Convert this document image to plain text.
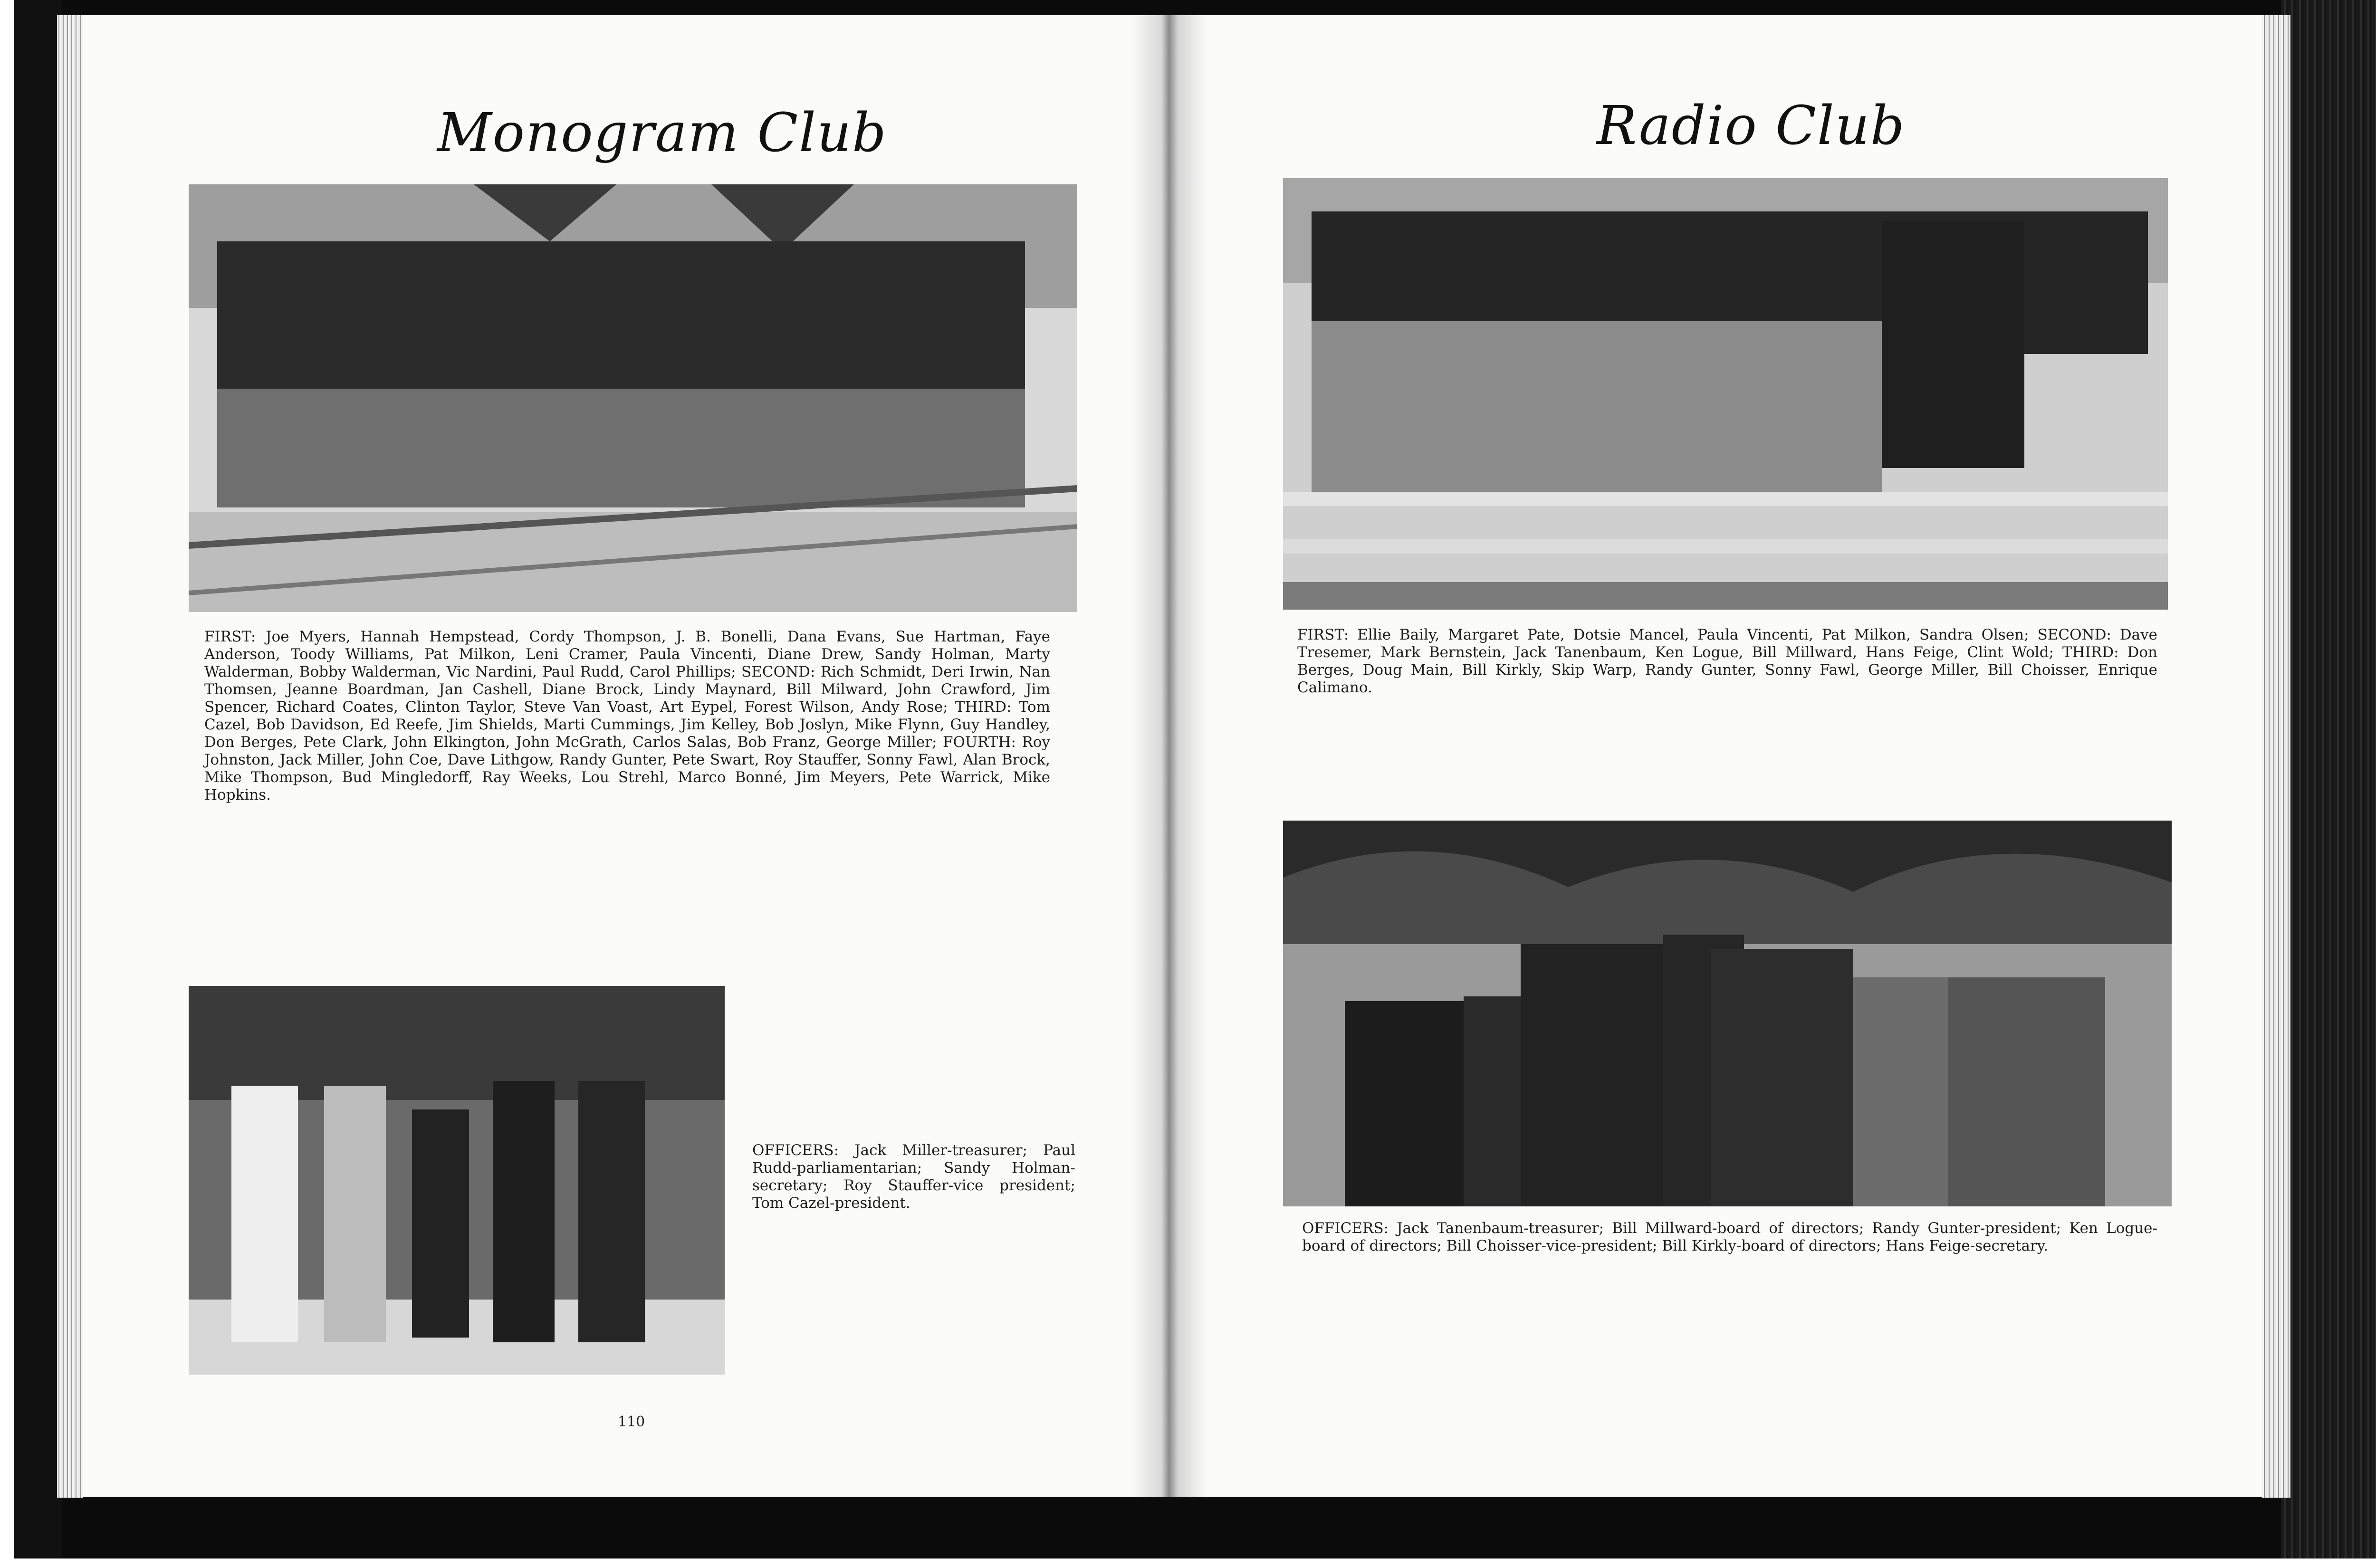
Monogram Club
FIRST: Joe Myers, Hannah Hempstead, Cordy Thompson, J. B. Bonelli, Dana Evans, Sue Hartman, Faye Anderson, Toody Williams, Pat Milkon, Leni Cramer, Paula Vincenti, Diane Drew, Sandy Holman, Marty Walderman, Bobby Walderman, Vic Nardini, Paul Rudd, Carol Phillips; SECOND: Rich Schmidt, Deri Irwin, Nan Thomsen, Jeanne Boardman, Jan Cashell, Diane Brock, Lindy Maynard, Bill Milward, John Crawford, Jim Spencer, Richard Coates, Clinton Taylor, Steve Van Voast, Art Eypel, Forest Wilson, Andy Rose; THIRD: Tom Cazel, Bob Davidson, Ed Reefe, Jim Shields, Marti Cummings, Jim Kelley, Bob Joslyn, Mike Flynn, Guy Handley, Don Berges, Pete Clark, John Elkington, John McGrath, Carlos Salas, Bob Franz, George Miller; FOURTH: Roy Johnston, Jack Miller, John Coe, Dave Lithgow, Randy Gunter, Pete Swart, Roy Stauffer, Sonny Fawl, Alan Brock, Mike Thompson, Bud Mingledorff, Ray Weeks, Lou Strehl, Marco Bonné, Jim Meyers, Pete Warrick, Mike Hopkins.
OFFICERS: Jack Miller-treasurer; Paul Rudd-parliamentarian; Sandy Holman-secretary; Roy Stauffer-vice president; Tom Cazel-president.
110
Radio Club
FIRST: Ellie Baily, Margaret Pate, Dotsie Mancel, Paula Vincenti, Pat Milkon, Sandra Olsen; SECOND: Dave Tresemer, Mark Bernstein, Jack Tanenbaum, Ken Logue, Bill Millward, Hans Feige, Clint Wold; THIRD: Don Berges, Doug Main, Bill Kirkly, Skip Warp, Randy Gunter, Sonny Fawl, George Miller, Bill Choisser, Enrique Calimano.
OFFICERS: Jack Tanenbaum-treasurer; Bill Millward-board of directors; Randy Gunter-president; Ken Logue-board of directors; Bill Choisser-vice-president; Bill Kirkly-board of directors; Hans Feige-secretary.
